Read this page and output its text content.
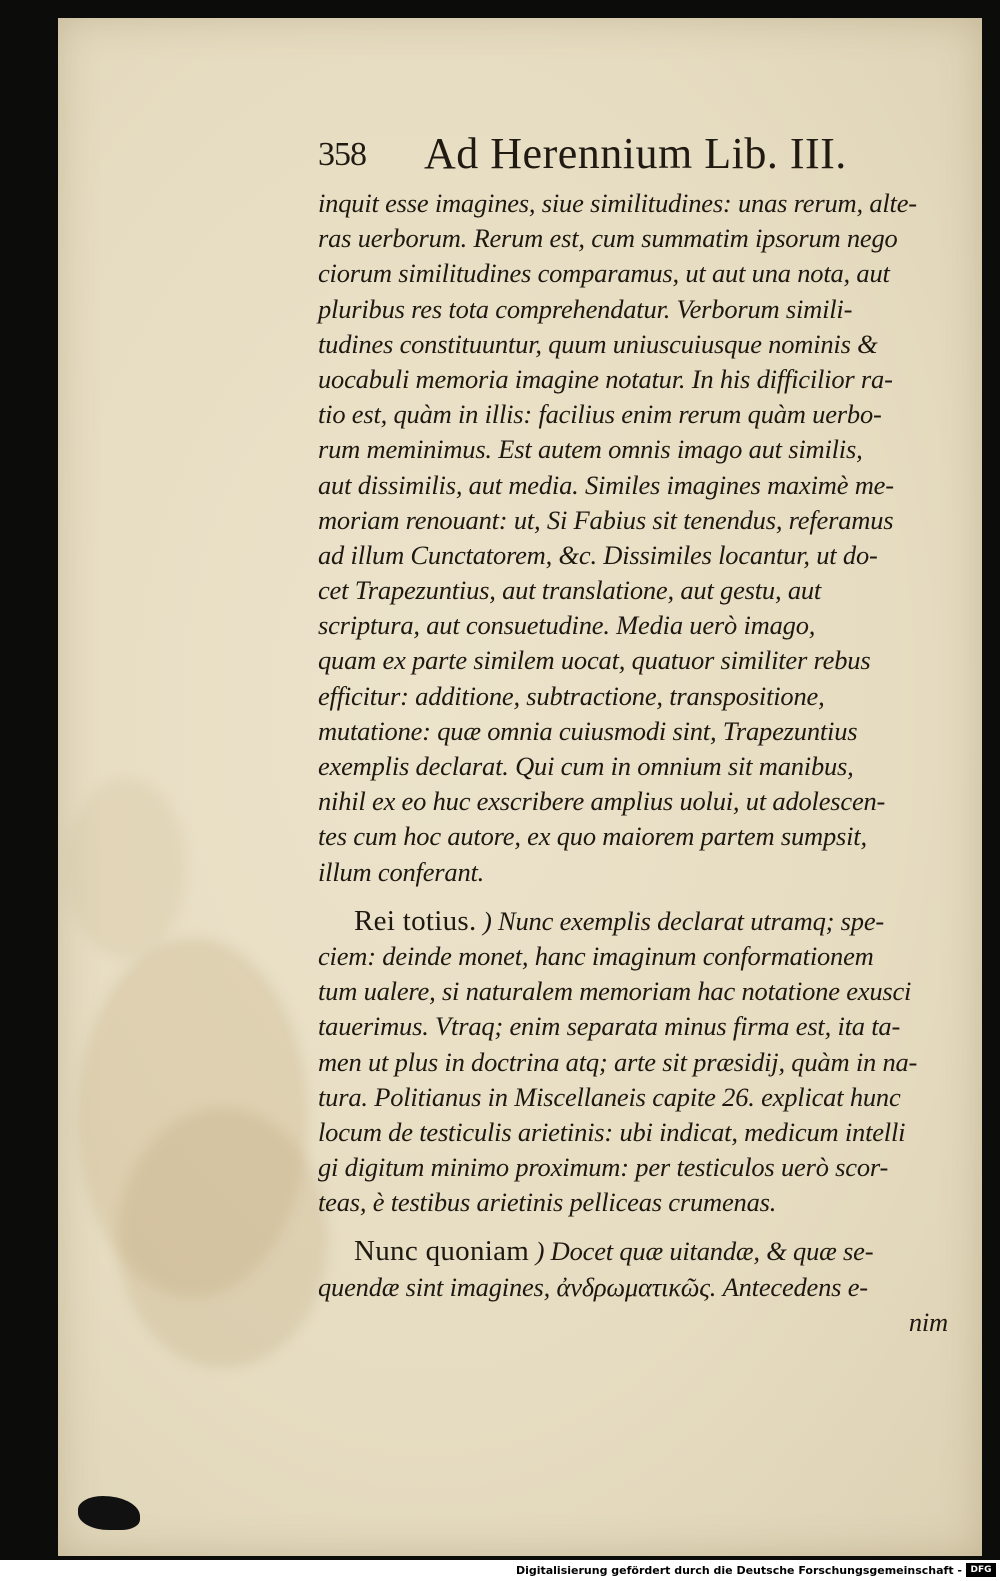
358 Ad Herennium Lib. III.
inquit esse imagines, siue similitudines: unas rerum, alte-
ras uerborum. Rerum est, cum summatim ipsorum nego
ciorum similitudines comparamus, ut aut una nota, aut
pluribus res tota comprehendatur. Verborum simili-
tudines constituuntur, quum uniuscuiusque nominis &
uocabuli memoria imagine notatur. In his difficilior ra-
tio est, quàm in illis: facilius enim rerum quàm uerbo-
rum meminimus. Est autem omnis imago aut similis,
aut dissimilis, aut media. Similes imagines maximè me-
moriam renouant: ut, Si Fabius sit tenendus, referamus
ad illum Cunctatorem, &c. Dissimiles locantur, ut do-
cet Trapezuntius, aut translatione, aut gestu, aut
scriptura, aut consuetudine. Media uerò imago,
quam ex parte similem uocat, quatuor similiter rebus
efficitur: additione, subtractione, transpositione,
mutatione: quæ omnia cuiusmodi sint, Trapezuntius
exemplis declarat. Qui cum in omnium sit manibus,
nihil ex eo huc exscribere amplius uolui, ut adolescen-
tes cum hoc autore, ex quo maiorem partem sumpsit,
illum conferant.
Rei totius. ) Nunc exemplis declarat utramq; spe-
ciem: deinde monet, hanc imaginum conformationem
tum ualere, si naturalem memoriam hac notatione exusci
tauerimus. Vtraq; enim separata minus firma est, ita ta-
men ut plus in doctrina atq; arte sit præsidij, quàm in na-
tura. Politianus in Miscellaneis capite 26. explicat hunc
locum de testiculis arietinis: ubi indicat, medicum intelli
gi digitum minimo proximum: per testiculos uerò scor-
teas, è testibus arietinis pelliceas crumenas.
Nunc quoniam ) Docet quæ uitandæ, & quæ se-
quendæ sint imagines, ἀνδρωματικῶς. Antecedens e-
nim
Digitalisierung gefördert durch die Deutsche Forschungsgemeinschaft - DFG
